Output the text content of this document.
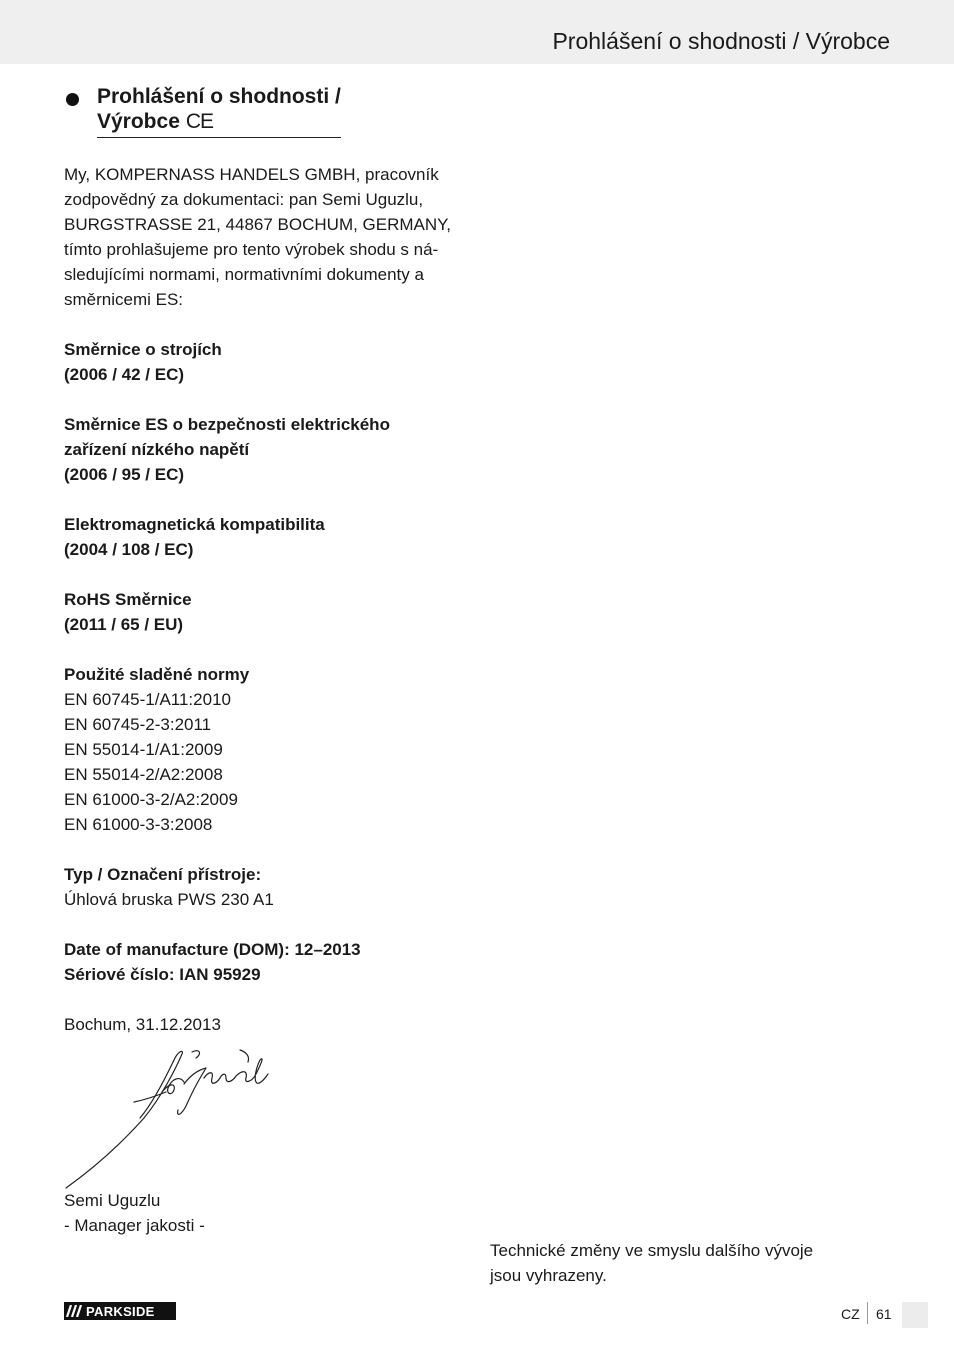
Prohlášení o shodnosti / Výrobce
Prohlášení o shodnosti /
Výrobce CE

My, KOMPERNASS HANDELS GMBH, pracovník
zodpovědný za dokumentaci: pan Semi Uguzlu,
BURGSTRASSE 21, 44867 BOCHUM, GERMANY,
tímto prohlašujeme pro tento výrobek shodu s ná-
sledujícími normami, normativními dokumenty a
směrnicemi ES:

Směrnice o strojích
(2006 / 42 / EC)

Směrnice ES o bezpečnosti elektrického
zařízení nízkého napětí
(2006 / 95 / EC)

Elektromagnetická kompatibilita
(2004 / 108 / EC)

RoHS Směrnice
(2011 / 65 / EU)

Použité sladěné normy
EN 60745-1/A11:2010
EN 60745-2-3:2011
EN 55014-1/A1:2009
EN 55014-2/A2:2008
EN 61000-3-2/A2:2009
EN 61000-3-3:2008

Typ / Označení přístroje:
Úhlová bruska PWS 230 A1

Date of manufacture (DOM): 12–2013
Sériové číslo: IAN 95929

Bochum, 31.12.2013

Semi Uguzlu
- Manager jakosti -
Technické změny ve smyslu dalšího vývoje
jsou vyhrazeny.
PARKSIDE	CZ 61
